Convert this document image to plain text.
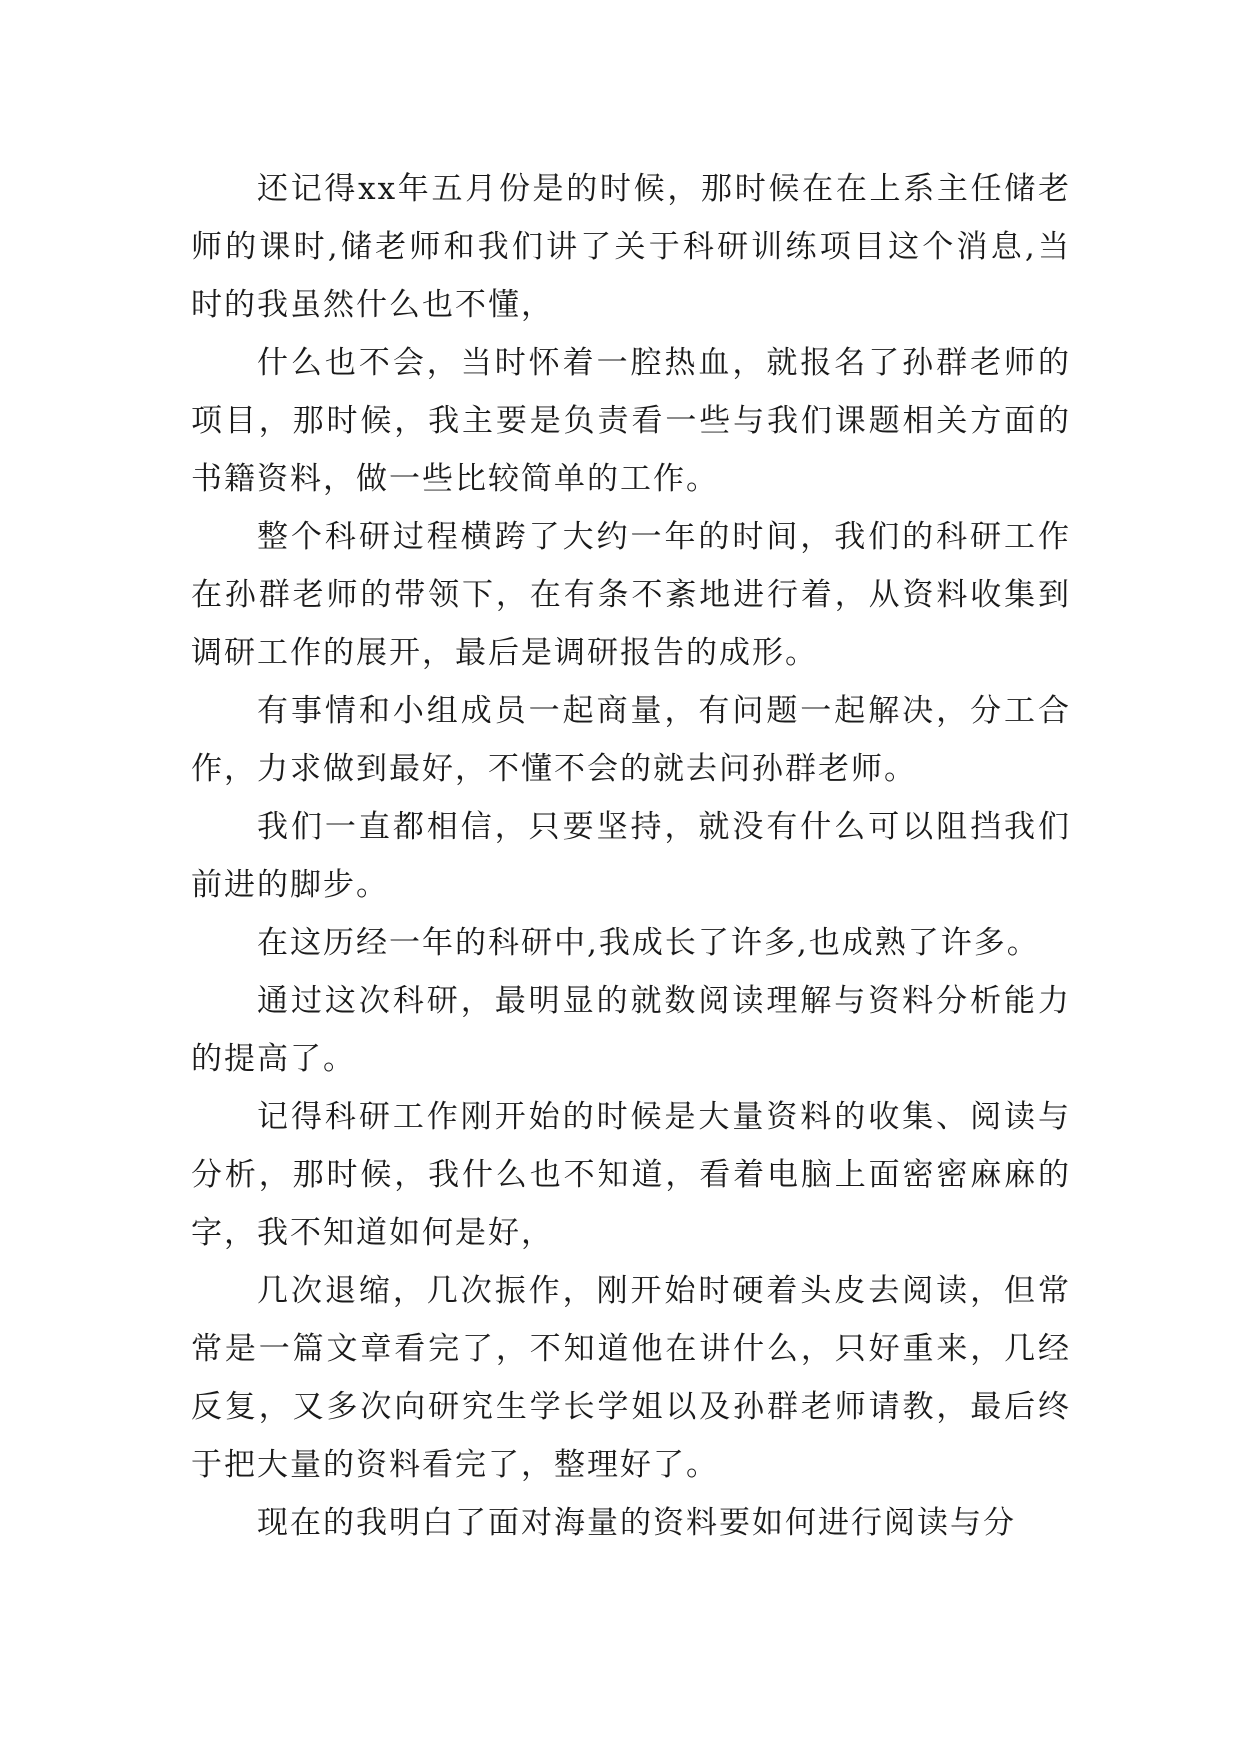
还记得xx年五月份是的时候，那时候在在上系主任储老师的课时,储老师和我们讲了关于科研训练项目这个消息,当时的我虽然什么也不懂，

什么也不会，当时怀着一腔热血，就报名了孙群老师的项目，那时候，我主要是负责看一些与我们课题相关方面的书籍资料，做一些比较简单的工作。

整个科研过程横跨了大约一年的时间，我们的科研工作在孙群老师的带领下，在有条不紊地进行着，从资料收集到调研工作的展开，最后是调研报告的成形。

有事情和小组成员一起商量，有问题一起解决，分工合作，力求做到最好，不懂不会的就去问孙群老师。

我们一直都相信，只要坚持，就没有什么可以阻挡我们前进的脚步。

在这历经一年的科研中,我成长了许多,也成熟了许多。

通过这次科研，最明显的就数阅读理解与资料分析能力的提高了。

记得科研工作刚开始的时候是大量资料的收集、阅读与分析，那时候，我什么也不知道，看着电脑上面密密麻麻的字，我不知道如何是好，

几次退缩，几次振作，刚开始时硬着头皮去阅读，但常常是一篇文章看完了，不知道他在讲什么，只好重来，几经反复，又多次向研究生学长学姐以及孙群老师请教，最后终于把大量的资料看完了，整理好了。

现在的我明白了面对海量的资料要如何进行阅读与分
